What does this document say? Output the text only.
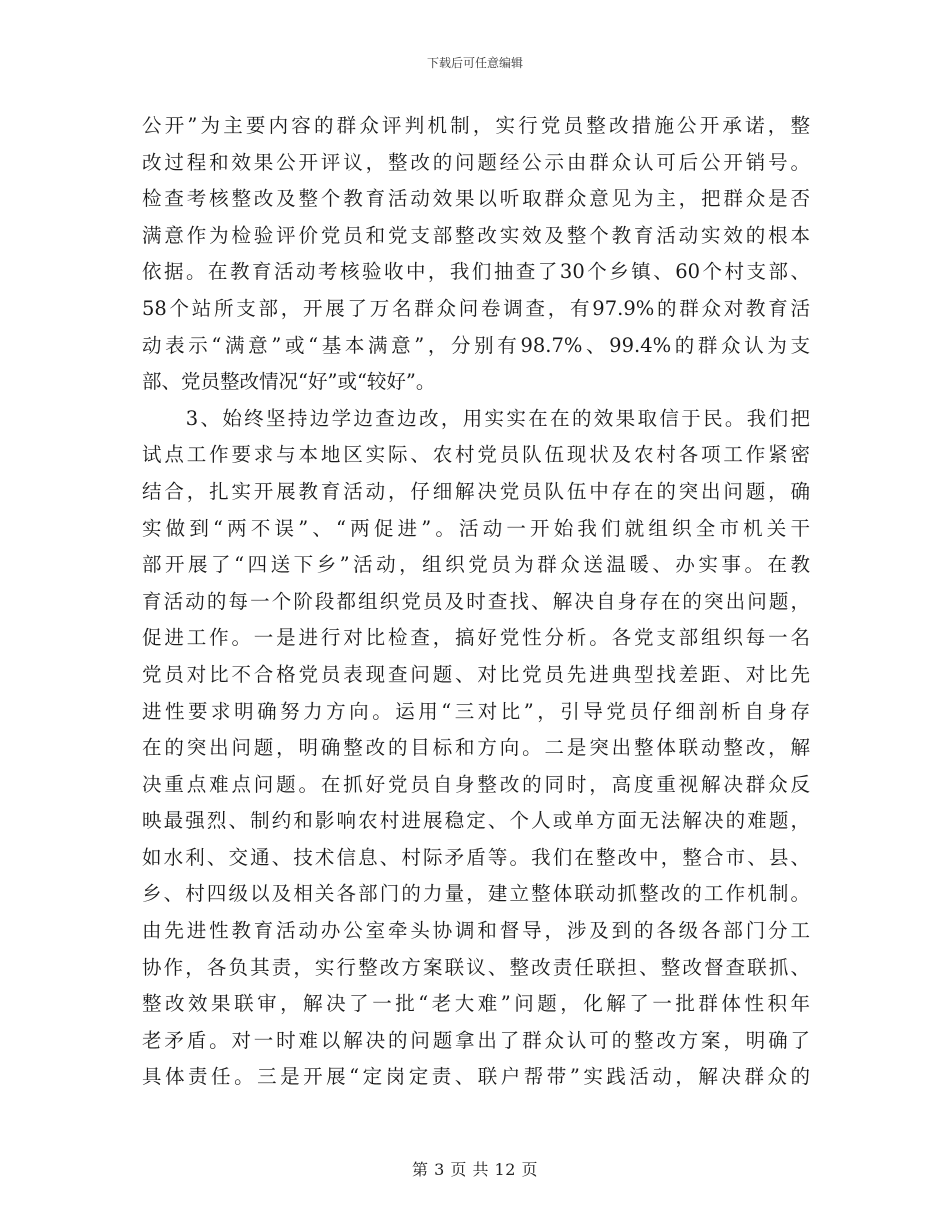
下载后可任意编辑
公开”为主要内容的群众评判机制，实行党员整改措施公开承诺，整
改过程和效果公开评议，整改的问题经公示由群众认可后公开销号。
检查考核整改及整个教育活动效果以听取群众意见为主，把群众是否
满意作为检验评价党员和党支部整改实效及整个教育活动实效的根本
依据。在教育活动考核验收中，我们抽查了30个乡镇、60个村支部、
58个站所支部，开展了万名群众问卷调查，有97.9%的群众对教育活
动表示“满意”或“基本满意”，分别有98.7%、99.4%的群众认为支
部、党员整改情况“好”或“较好”。
　　3、始终坚持边学边查边改，用实实在在的效果取信于民。我们把
试点工作要求与本地区实际、农村党员队伍现状及农村各项工作紧密
结合，扎实开展教育活动，仔细解决党员队伍中存在的突出问题，确
实做到“两不误”、“两促进”。活动一开始我们就组织全市机关干
部开展了“四送下乡”活动，组织党员为群众送温暖、办实事。在教
育活动的每一个阶段都组织党员及时查找、解决自身存在的突出问题，
促进工作。一是进行对比检查，搞好党性分析。各党支部组织每一名
党员对比不合格党员表现查问题、对比党员先进典型找差距、对比先
进性要求明确努力方向。运用“三对比”，引导党员仔细剖析自身存
在的突出问题，明确整改的目标和方向。二是突出整体联动整改，解
决重点难点问题。在抓好党员自身整改的同时，高度重视解决群众反
映最强烈、制约和影响农村进展稳定、个人或单方面无法解决的难题，
如水利、交通、技术信息、村际矛盾等。我们在整改中，整合市、县、
乡、村四级以及相关各部门的力量，建立整体联动抓整改的工作机制。
由先进性教育活动办公室牵头协调和督导，涉及到的各级各部门分工
协作，各负其责，实行整改方案联议、整改责任联担、整改督查联抓、
整改效果联审，解决了一批“老大难”问题，化解了一批群体性积年
老矛盾。对一时难以解决的问题拿出了群众认可的整改方案，明确了
具体责任。三是开展“定岗定责、联户帮带”实践活动，解决群众的
第 3 页 共 12 页
